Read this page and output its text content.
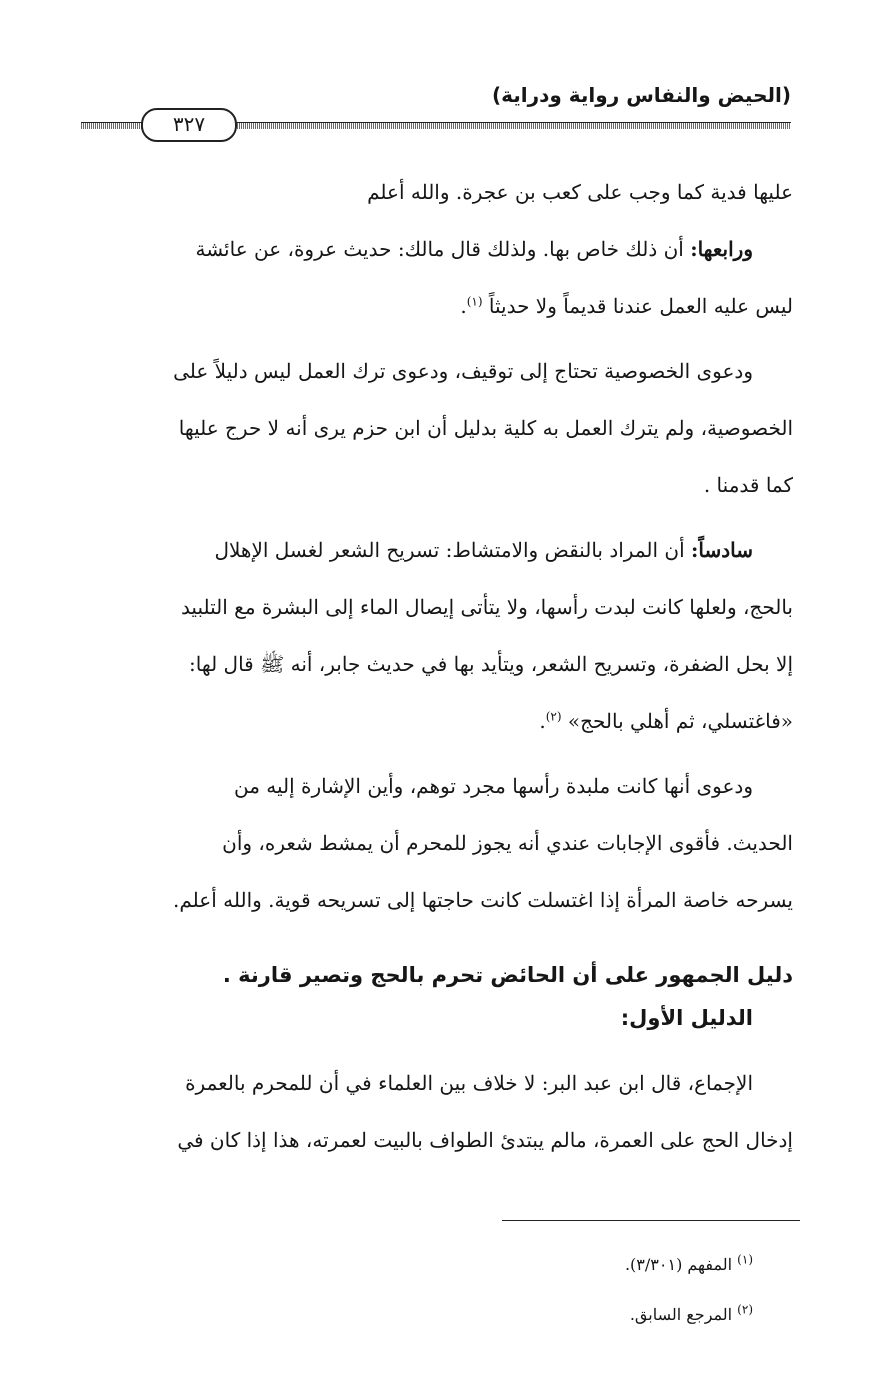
(الحيض والنفاس رواية ودراية)
٣٢٧
عليها فدية كما وجب على كعب بن عجرة. والله أعلم
ورابعها: أن ذلك خاص بها. ولذلك قال مالك: حديث عروة، عن عائشة
ليس عليه العمل عندنا قديماً ولا حديثاً $^{(١)}$.
ودعوى الخصوصية تحتاج إلى توقيف، ودعوى ترك العمل ليس دليلاً على
الخصوصية، ولم يترك العمل به كلية بدليل أن ابن حزم يرى أنه لا حرج عليها
كما قدمنا .
سادساً: أن المراد بالنقض والامتشاط: تسريح الشعر لغسل الإهلال
بالحج، ولعلها كانت لبدت رأسها، ولا يتأتى إيصال الماء إلى البشرة مع التلبيد
إلا بحل الضفرة، وتسريح الشعر، ويتأيد بها في حديث جابر، أنه ﷺ قال لها:
«فاغتسلي، ثم أهلي بالحج» $^{(٢)}$.
ودعوى أنها كانت ملبدة رأسها مجرد توهم، وأين الإشارة إليه من
الحديث. فأقوى الإجابات عندي أنه يجوز للمحرم أن يمشط شعره، وأن
يسرحه خاصة المرأة إذا اغتسلت كانت حاجتها إلى تسريحه قوية. والله أعلم.
دليل الجمهور على أن الحائض تحرم بالحج وتصير قارنة .
الدليل الأول:
الإجماع، قال ابن عبد البر: لا خلاف بين العلماء في أن للمحرم بالعمرة
إدخال الحج على العمرة، مالم يبتدئ الطواف بالبيت لعمرته، هذا إذا كان في
$^{(١)}$ المفهم (٣/٣٠١).
$^{(٢)}$ المرجع السابق.
